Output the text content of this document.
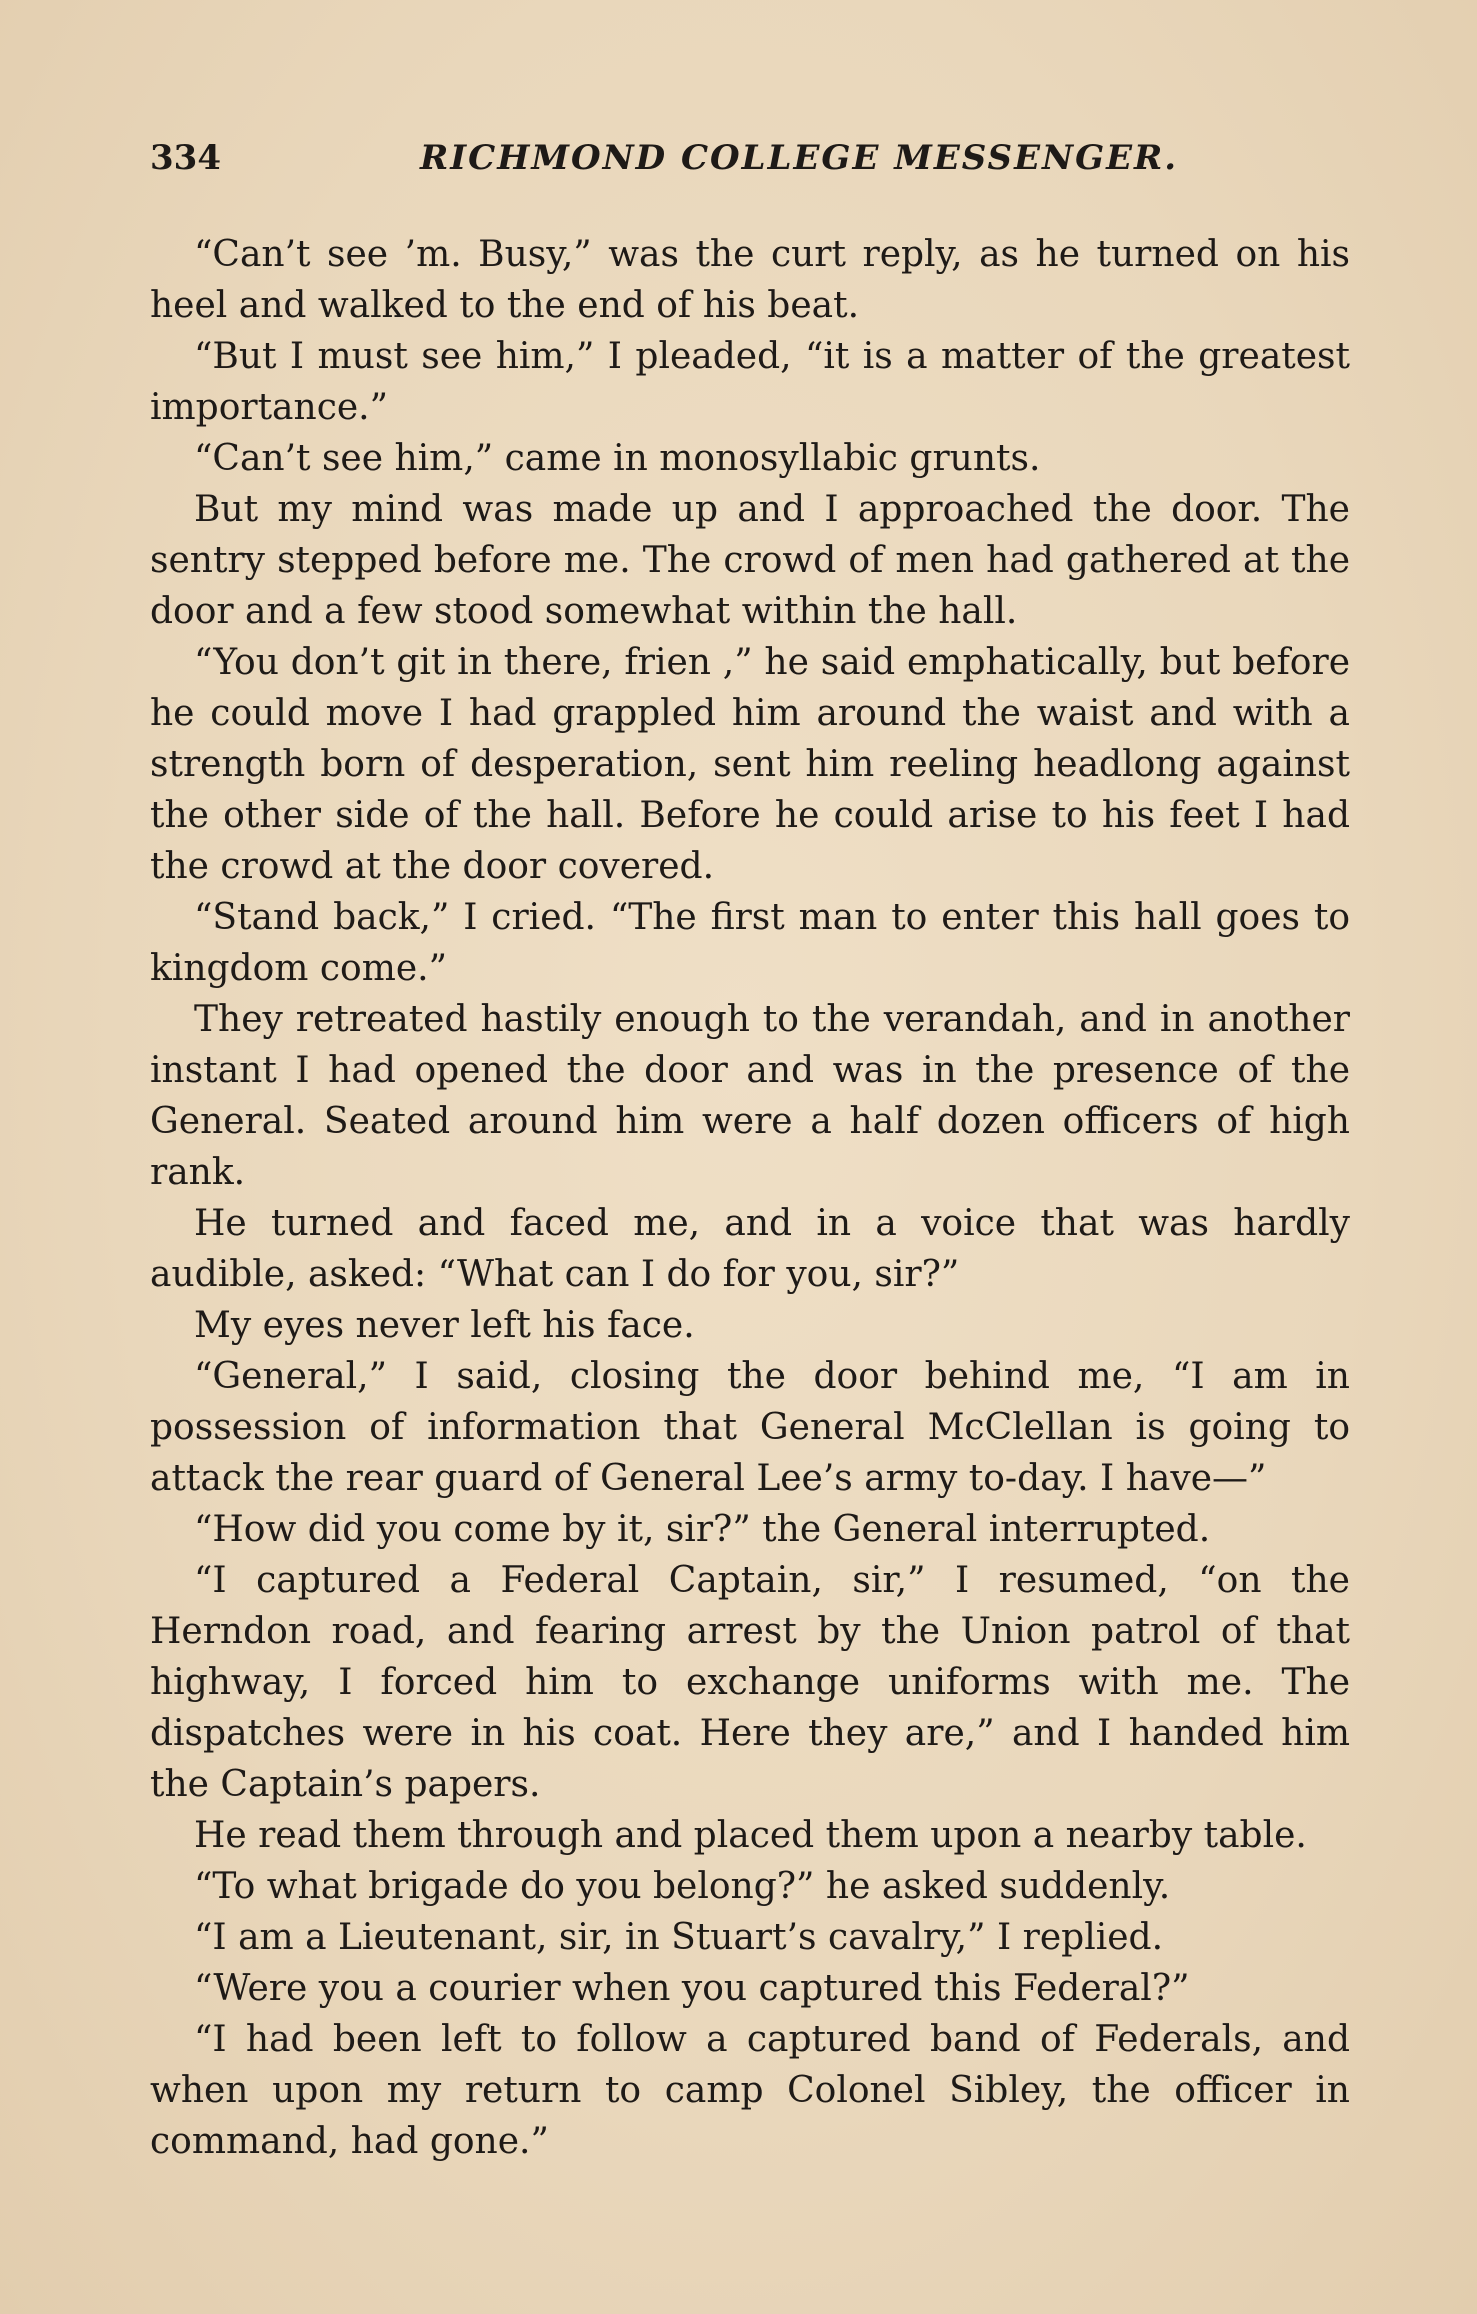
334	RICHMOND COLLEGE MESSENGER.

“Can’t see ’m. Busy,” was the curt reply, as he turned on his heel and walked to the end of his beat.

“But I must see him,” I pleaded, “it is a matter of the greatest importance.”

“Can’t see him,” came in monosyllabic grunts.

But my mind was made up and I approached the door. The sentry stepped before me. The crowd of men had gathered at the door and a few stood somewhat within the hall.

“You don’t git in there, frien ,” he said emphatically, but before he could move I had grappled him around the waist and with a strength born of desperation, sent him reeling headlong against the other side of the hall. Before he could arise to his feet I had the crowd at the door covered.

“Stand back,” I cried. “The first man to enter this hall goes to kingdom come.”

They retreated hastily enough to the verandah, and in another instant I had opened the door and was in the presence of the General. Seated around him were a half dozen officers of high rank.

He turned and faced me, and in a voice that was hardly audible, asked: “What can I do for you, sir?”

My eyes never left his face.

“General,” I said, closing the door behind me, “I am in possession of information that General McClellan is going to attack the rear guard of General Lee’s army to-day. I have—”

“How did you come by it, sir?” the General interrupted.

“I captured a Federal Captain, sir,” I resumed, “on the Herndon road, and fearing arrest by the Union patrol of that highway, I forced him to exchange uniforms with me. The dispatches were in his coat. Here they are,” and I handed him the Captain’s papers.

He read them through and placed them upon a nearby table.

“To what brigade do you belong?” he asked suddenly.

“I am a Lieutenant, sir, in Stuart’s cavalry,” I replied.

“Were you a courier when you captured this Federal?”

“I had been left to follow a captured band of Federals, and when upon my return to camp Colonel Sibley, the officer in command, had gone.”
